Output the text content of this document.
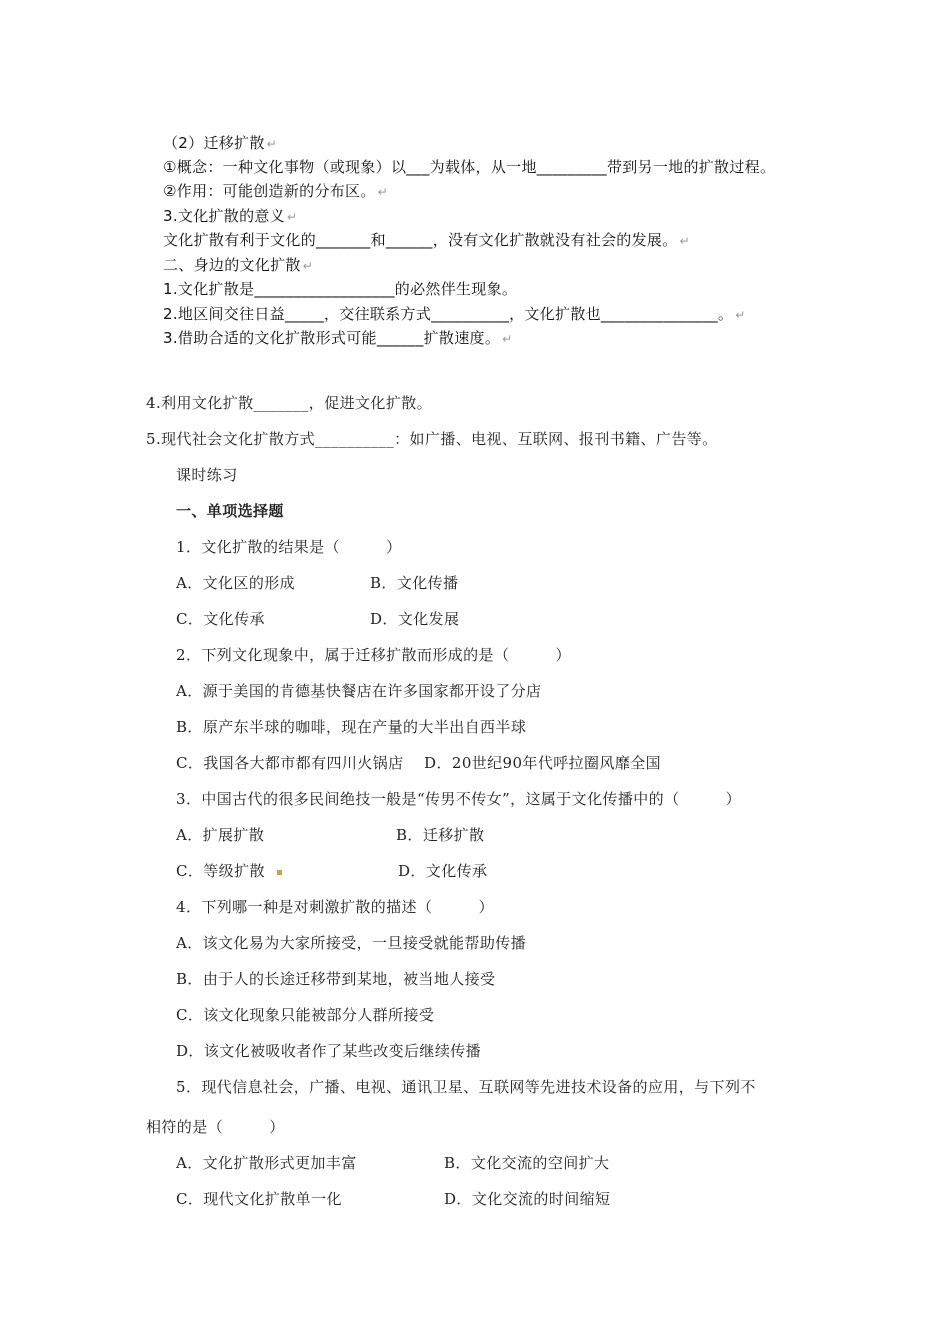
（2）迁移扩散 ↵
①概念：一种文化事物（或现象）以___为载体，从一地_________带到另一地的扩散过程。
②作用：可能创造新的分布区。 ↵
3.文化扩散的意义 ↵
文化扩散有利于文化的_______和______，没有文化扩散就没有社会的发展。 ↵
二、身边的文化扩散 ↵
1.文化扩散是__________________的必然伴生现象。
2.地区间交往日益_____，交往联系方式__________，文化扩散也_______________。 ↵
3.借助合适的文化扩散形式可能______扩散速度。 ↵
4.利用文化扩散_______，促进文化扩散。
5.现代社会文化扩散方式__________：如广播、电视、互联网、报刊书籍、广告等。
课时练习
一、单项选择题
1．文化扩散的结果是（　　　）
A．文化区的形成	B．文化传播
C．文化传承	D．文化发展
2．下列文化现象中，属于迁移扩散而形成的是（　　　）
A．源于美国的肯德基快餐店在许多国家都开设了分店
B．原产东半球的咖啡，现在产量的大半出自西半球
C．我国各大都市都有四川火锅店　 D．20世纪90年代呼拉圈风靡全国
3．中国古代的很多民间绝技一般是“传男不传女”，这属于文化传播中的（　　　）
A．扩展扩散	B．迁移扩散
C．等级扩散	D．文化传承
4．下列哪一种是对刺激扩散的描述（　　　）
A．该文化易为大家所接受，一旦接受就能帮助传播
B．由于人的长途迁移带到某地，被当地人接受
C．该文化现象只能被部分人群所接受
D．该文化被吸收者作了某些改变后继续传播
5．现代信息社会，广播、电视、通讯卫星、互联网等先进技术设备的应用，与下列不
相符的是（　　　）
A．文化扩散形式更加丰富	B．文化交流的空间扩大
C．现代文化扩散单一化	D．文化交流的时间缩短
